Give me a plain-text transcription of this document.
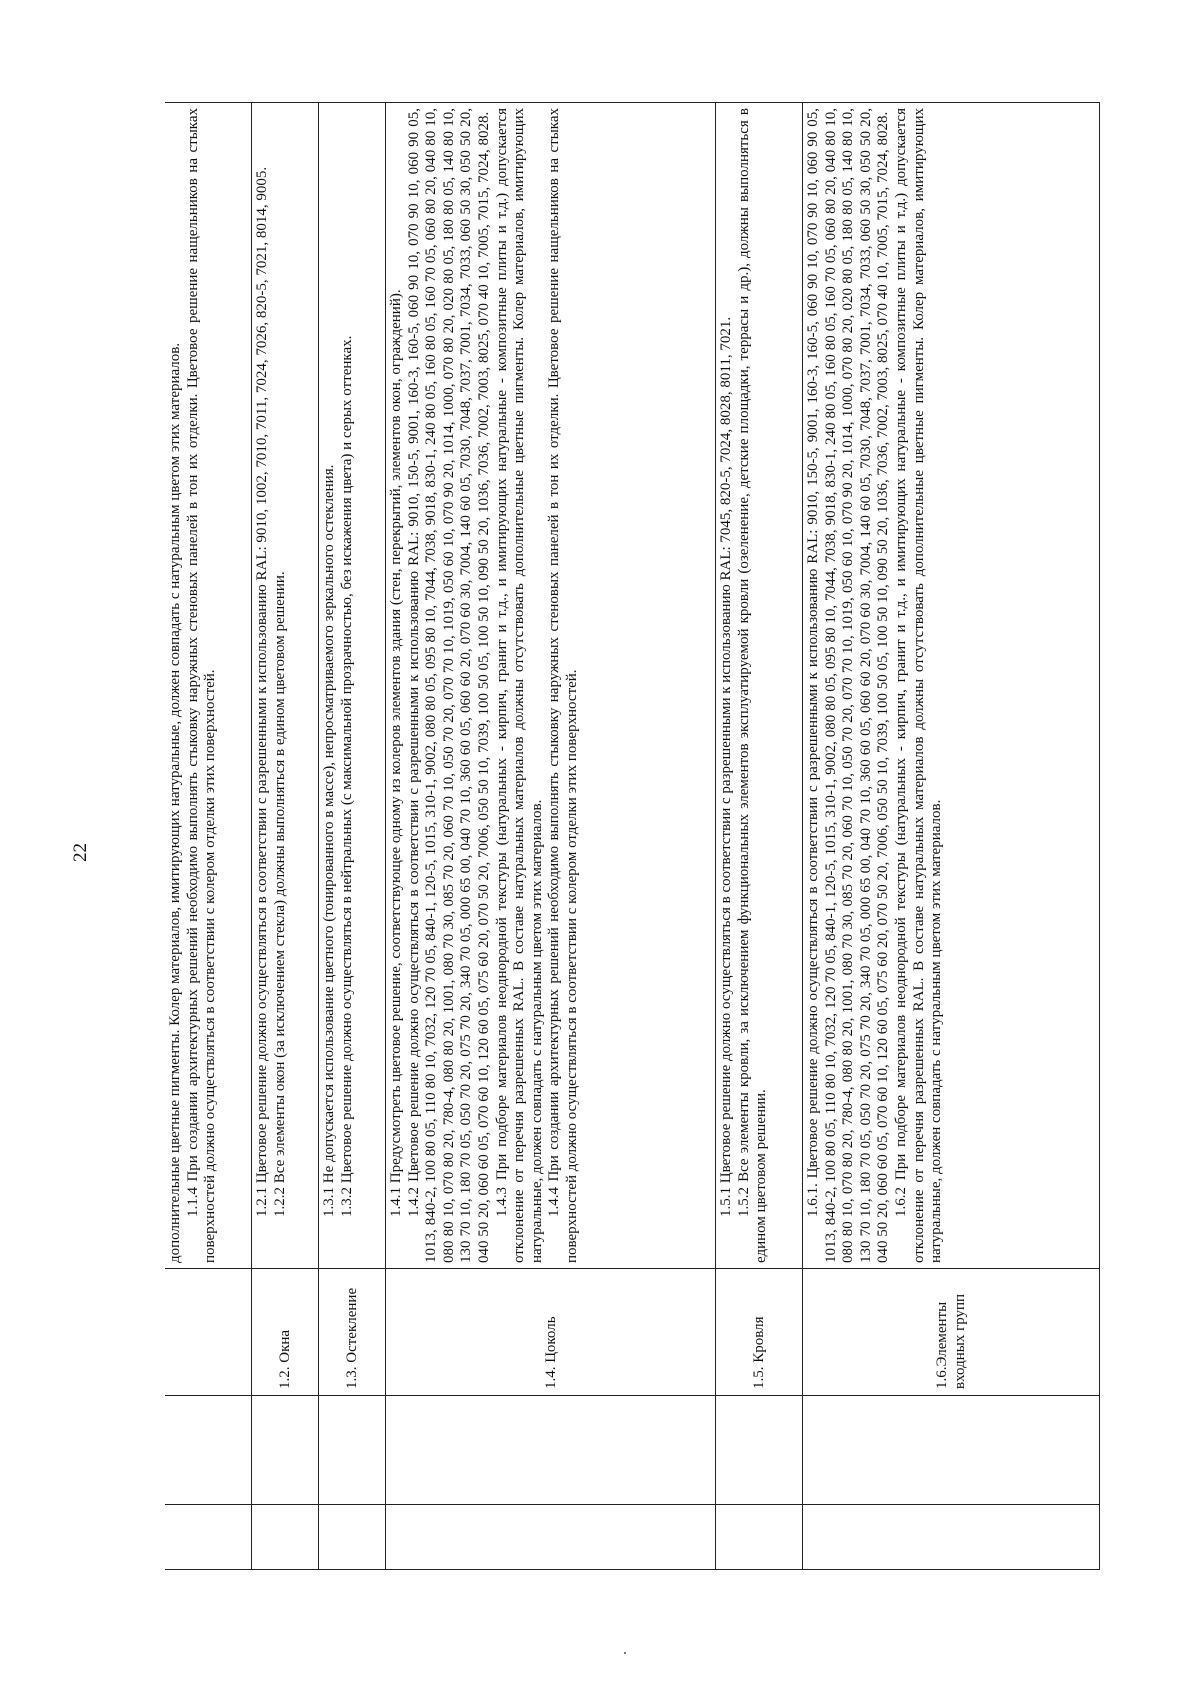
22

			дополнительные цветные пигменты. Колер материалов, имитирующих натуральные, должен совпадать с натуральным цветом этих материалов. 1.1.4 При создании архитектурных решений необходимо выполнять стыковку наружных стеновых панелей в тон их отделки. Цветовое решение нащельников на стыках поверхностей должно осуществляться в соответствии с колером отделки этих поверхностей.

		1.2. Окна	1.2.1 Цветовое решение должно осуществляться в соответствии с разрешенными к использованию RAL: 9010, 1002, 7010, 7011, 7024, 7026, 820-5, 7021, 8014, 9005. 1.2.2 Все элементы окон (за исключением стекла) должны выполняться в едином цветовом решении.

		1.3. Остекление	1.3.1 Не допускается использование цветного (тонированного в массе), непросматриваемого зеркального остекления. 1.3.2 Цветовое решение должно осуществляться в нейтральных (с максимальной прозрачностью, без искажения цвета) и серых оттенках.

		1.4. Цоколь	1.4.1 Предусмотреть цветовое решение, соответствующее одному из колеров элементов здания (стен, перекрытий, элементов окон, ограждений). 1.4.2 Цветовое решение должно осуществляться в соответствии с разрешенными к использованию RAL: 9010, 150-5, 9001, 160-3, 160-5, 060 90 10, 070 90 10, 060 90 05, 1013, 840-2, 100 80 05, 110 80 10, 7032, 120 70 05, 840-1, 120-5, 1015, 310-1, 9002, 080 80 05, 095 80 10, 7044, 7038, 9018, 830-1, 240 80 05, 160 80 05, 160 70 05, 060 80 20, 040 80 10, 080 80 10, 070 80 20, 780-4, 080 80 20, 1001, 080 70 30, 085 70 20, 060 70 10, 050 70 20, 070 70 10, 1019, 050 60 10, 070 90 20, 1014, 1000, 070 80 20, 020 80 05, 180 80 05, 140 80 10, 130 70 10, 180 70 05, 050 70 20, 075 70 20, 340 70 05, 000 65 00, 040 70 10, 360 60 05, 060 60 20, 070 60 30, 7004, 140 60 05, 7030, 7048, 7037, 7001, 7034, 7033, 060 50 30, 050 50 20, 040 50 20, 060 60 05, 070 60 10, 120 60 05, 075 60 20, 070 50 20, 7006, 050 50 10, 7039, 100 50 05, 100 50 10, 090 50 20, 1036, 7036, 7002, 7003, 8025, 070 40 10, 7005, 7015, 7024, 8028. 1.4.3 При подборе материалов неоднородной текстуры (натуральных - кирпич, гранит и т.д., и имитирующих натуральные - композитные плиты и т.д.) допускается отклонение от перечня разрешенных RAL. В составе натуральных материалов должны отсутствовать дополнительные цветные пигменты. Колер материалов, имитирующих натуральные, должен совпадать с натуральным цветом этих материалов. 1.4.4 При создании архитектурных решений необходимо выполнять стыковку наружных стеновых панелей в тон их отделки. Цветовое решение нащельников на стыках поверхностей должно осуществляться в соответствии с колером отделки этих поверхностей.

		1.5. Кровля	1.5.1 Цветовое решение должно осуществляться в соответствии с разрешенными к использованию RAL: 7045, 820-5, 7024, 8028, 8011, 7021. 1.5.2 Все элементы кровли, за исключением функциональных элементов эксплуатируемой кровли (озеленение, детские площадки, террасы и др.), должны выполняться в едином цветовом решении.

		1.6.Элементы входных групп	1.6.1. Цветовое решение должно осуществляться в соответствии с разрешенными к использованию RAL: 9010, 150-5, 9001, 160-3, 160-5, 060 90 10, 070 90 10, 060 90 05, 1013, 840-2, 100 80 05, 110 80 10, 7032, 120 70 05, 840-1, 120-5, 1015, 310-1, 9002, 080 80 05, 095 80 10, 7044, 7038, 9018, 830-1, 240 80 05, 160 80 05, 160 70 05, 060 80 20, 040 80 10, 080 80 10, 070 80 20, 780-4, 080 80 20, 1001, 080 70 30, 085 70 20, 060 70 10, 050 70 20, 070 70 10, 1019, 050 60 10, 070 90 20, 1014, 1000, 070 80 20, 020 80 05, 180 80 05, 140 80 10, 130 70 10, 180 70 05, 050 70 20, 075 70 20, 340 70 05, 000 65 00, 040 70 10, 360 60 05, 060 60 20, 070 60 30, 7004, 140 60 05, 7030, 7048, 7037, 7001, 7034, 7033, 060 50 30, 050 50 20, 040 50 20, 060 60 05, 070 60 10, 120 60 05, 075 60 20, 070 50 20, 7006, 050 50 10, 7039, 100 50 05, 100 50 10, 090 50 20, 1036, 7036, 7002, 7003, 8025, 070 40 10, 7005, 7015, 7024, 8028. 1.6.2 При подборе материалов неоднородной текстуры (натуральных - кирпич, гранит и т.д., и имитирующих натуральные - композитные плиты и т.д.) допускается отклонение от перечня разрешенных RAL. В составе натуральных материалов должны отсутствовать дополнительные цветные пигменты. Колер материалов, имитирующих натуральные, должен совпадать с натуральным цветом этих материалов.
